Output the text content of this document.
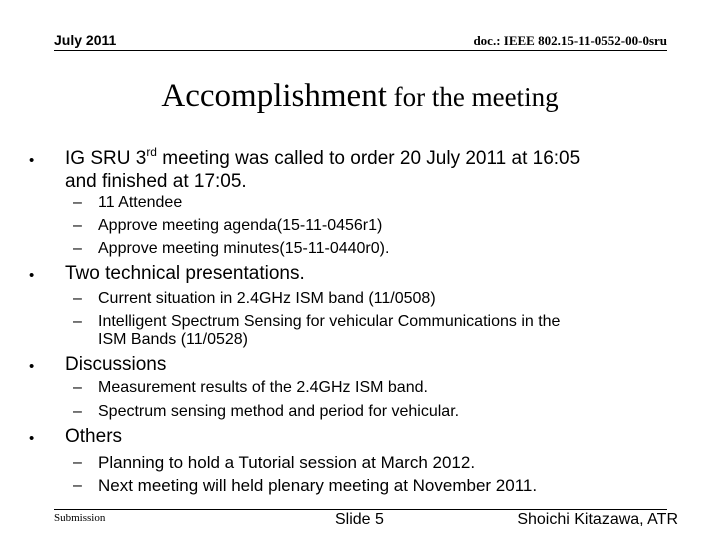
July 2011	doc.: IEEE 802.15-11-0552-00-0sru
Accomplishment for the meeting
• IG SRU 3rd meeting was called to order 20 July 2011 at 16:05
and finished at 17:05.
– 11 Attendee
– Approve meeting agenda(15-11-0456r1)
– Approve meeting minutes(15-11-0440r0).
• Two technical presentations.
– Current situation in 2.4GHz ISM band (11/0508)
– Intelligent Spectrum Sensing for vehicular Communications in the
ISM Bands (11/0528)
• Discussions
– Measurement results of the 2.4GHz ISM band.
– Spectrum sensing method and period for vehicular.
• Others
– Planning to hold a Tutorial session at March 2012.
– Next meeting will held plenary meeting at November 2011.
Submission	Slide 5	Shoichi Kitazawa, ATR
